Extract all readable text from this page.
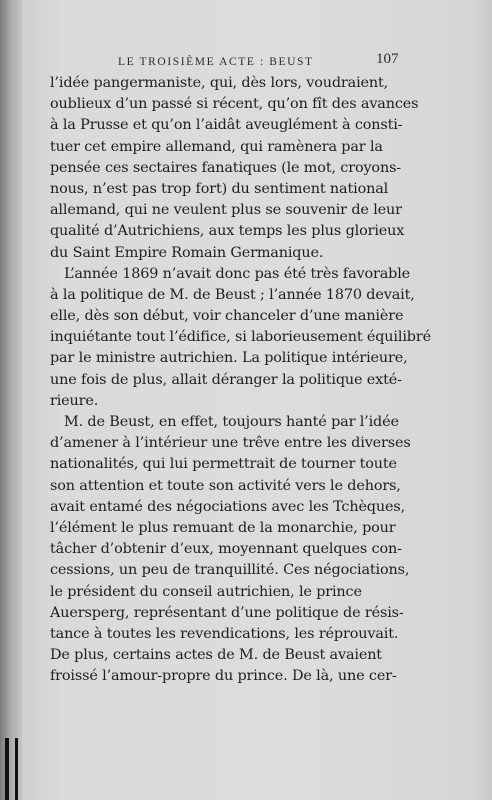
LE TROISIÈME ACTE : BEUST	107
l’idée pangermaniste, qui, dès lors, voudraient,
oublieux d’un passé si récent, qu’on fît des avances
à la Prusse et qu’on l’aidât aveuglément à consti-
tuer cet empire allemand, qui ramènera par la
pensée ces sectaires fanatiques (le mot, croyons-
nous, n’est pas trop fort) du sentiment national
allemand, qui ne veulent plus se souvenir de leur
qualité d’Autrichiens, aux temps les plus glorieux
du Saint Empire Romain Germanique.
L’année 1869 n’avait donc pas été très favorable
à la politique de M. de Beust ; l’année 1870 devait,
elle, dès son début, voir chanceler d’une manière
inquiétante tout l’édifice, si laborieusement équilibré
par le ministre autrichien. La politique intérieure,
une fois de plus, allait déranger la politique exté-
rieure.
M. de Beust, en effet, toujours hanté par l’idée
d’amener à l’intérieur une trêve entre les diverses
nationalités, qui lui permettrait de tourner toute
son attention et toute son activité vers le dehors,
avait entamé des négociations avec les Tchèques,
l’élément le plus remuant de la monarchie, pour
tâcher d’obtenir d’eux, moyennant quelques con-
cessions, un peu de tranquillité. Ces négociations,
le président du conseil autrichien, le prince
Auersperg, représentant d’une politique de résis-
tance à toutes les revendications, les réprouvait.
De plus, certains actes de M. de Beust avaient
froissé l’amour-propre du prince. De là, une cer-
